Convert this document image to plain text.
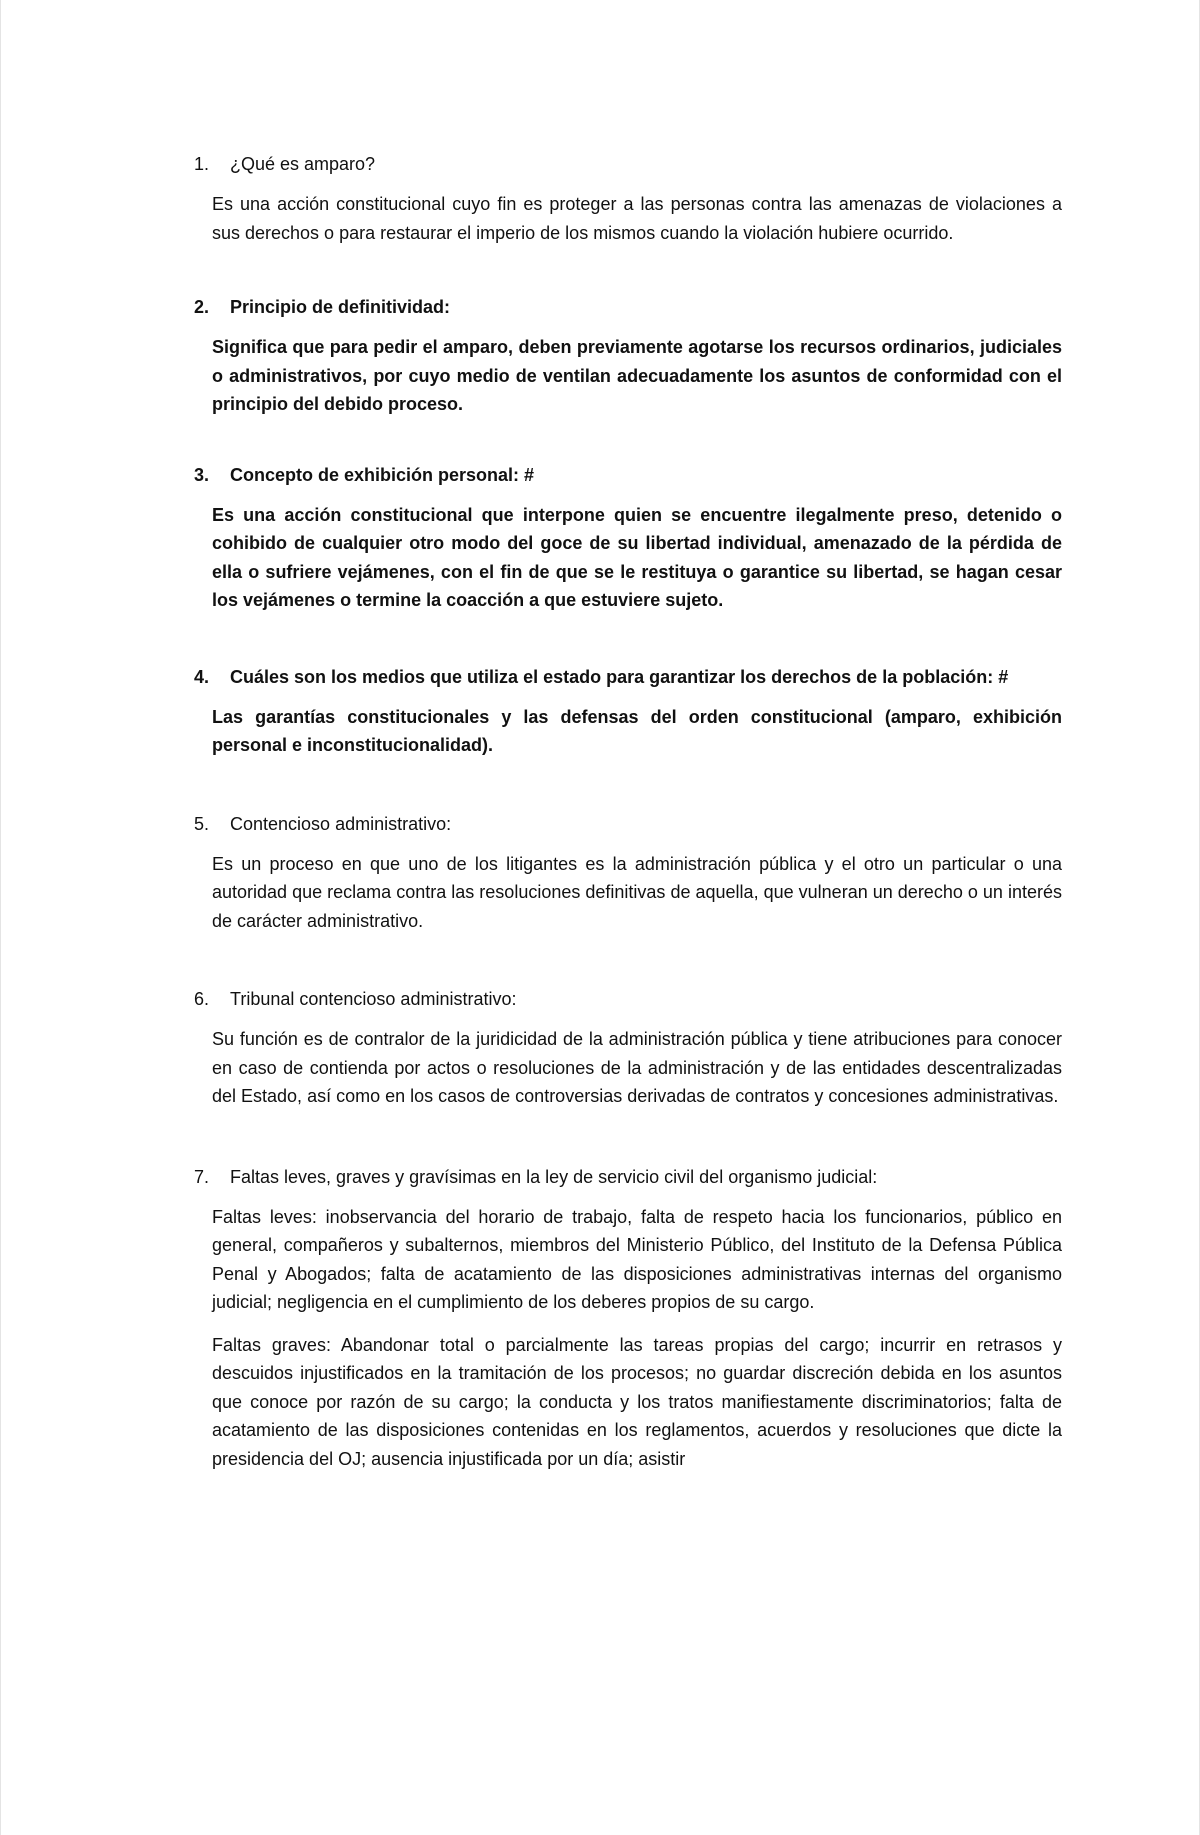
1.	¿Qué es amparo?

Es una acción constitucional cuyo fin es proteger a las personas contra las amenazas de violaciones a sus derechos o para restaurar el imperio de los mismos cuando la violación hubiere ocurrido.

2.	Principio de definitividad:

Significa que para pedir el amparo, deben previamente agotarse los recursos ordinarios, judiciales o administrativos, por cuyo medio de ventilan adecuadamente los asuntos de conformidad con el principio del debido proceso.

3.	Concepto de exhibición personal: #

Es una acción constitucional que interpone quien se encuentre ilegalmente preso, detenido o cohibido de cualquier otro modo del goce de su libertad individual, amenazado de la pérdida de ella o sufriere vejámenes, con el fin de que se le restituya o garantice su libertad, se hagan cesar los vejámenes o termine la coacción a que estuviere sujeto.

4.	Cuáles son los medios que utiliza el estado para garantizar los derechos de la población: #

Las garantías constitucionales y las defensas del orden constitucional (amparo, exhibición personal e inconstitucionalidad).

5.	Contencioso administrativo:

Es un proceso en que uno de los litigantes es la administración pública y el otro un particular o una autoridad que reclama contra las resoluciones definitivas de aquella, que vulneran un derecho o un interés de carácter administrativo.

6.	Tribunal contencioso administrativo:

Su función es de contralor de la juridicidad de la administración pública y tiene atribuciones para conocer en caso de contienda por actos o resoluciones de la administración y de las entidades descentralizadas del Estado, así como en los casos de controversias derivadas de contratos y concesiones administrativas.

7.	Faltas leves, graves y gravísimas en la ley de servicio civil del organismo judicial:

Faltas leves: inobservancia del horario de trabajo, falta de respeto hacia los funcionarios, público en general, compañeros y subalternos, miembros del Ministerio Público, del Instituto de la Defensa Pública Penal y Abogados; falta de acatamiento de las disposiciones administrativas internas del organismo judicial; negligencia en el cumplimiento de los deberes propios de su cargo.

Faltas graves: Abandonar total o parcialmente las tareas propias del cargo; incurrir en retrasos y descuidos injustificados en la tramitación de los procesos; no guardar discreción debida en los asuntos que conoce por razón de su cargo; la conducta y los tratos manifiestamente discriminatorios; falta de acatamiento de las disposiciones contenidas en los reglamentos, acuerdos y resoluciones que dicte la presidencia del OJ; ausencia injustificada por un día; asistir
